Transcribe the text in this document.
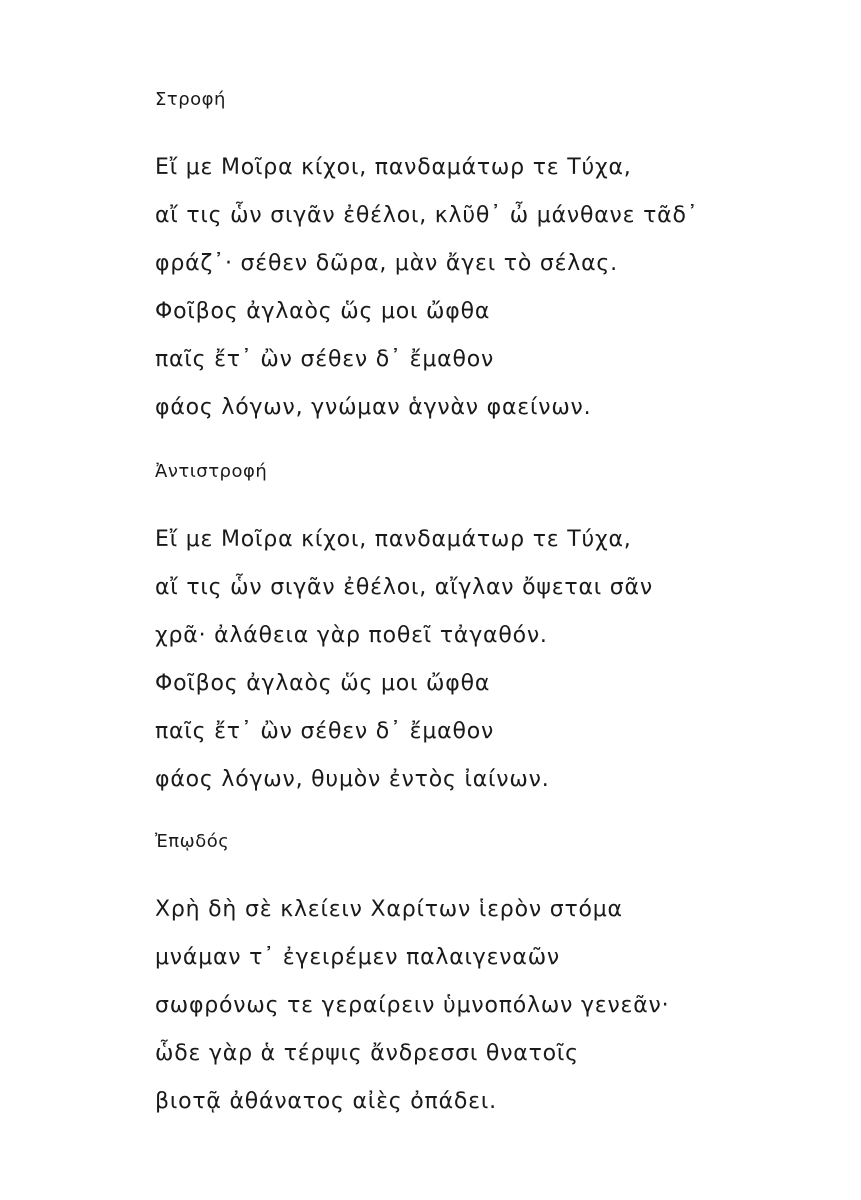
Στροφή
Εἴ με Μοῖρα κίχοι, πανδαμάτωρ τε Τύχα,
αἴ τις ὧν σιγᾶν ἐθέλοι, κλῦθ᾽ ὦ μάνθανε τᾶδ᾽
φράζ᾽· σέθεν δῶρα, μὰν ἄγει τὸ σέλας.
Φοῖβος ἀγλαὸς ὥς μοι ὤφθα
παῖς ἔτ᾽ ὢν σέθεν δ᾽ ἔμαθον
φάος λόγων, γνώμαν ἁγνὰν φαείνων.
Ἀντιστροφή
Εἴ με Μοῖρα κίχοι, πανδαμάτωρ τε Τύχα,
αἴ τις ὧν σιγᾶν ἐθέλοι, αἴγλαν ὄψεται σᾶν
χρᾶ· ἀλάθεια γὰρ ποθεῖ τἀγαθόν.
Φοῖβος ἀγλαὸς ὥς μοι ὤφθα
παῖς ἔτ᾽ ὢν σέθεν δ᾽ ἔμαθον
φάος λόγων, θυμὸν ἐντὸς ἰαίνων.
Ἐπῳδός
Χρὴ δὴ σὲ κλείειν Χαρίτων ἱερὸν στόμα
μνάμαν τ᾽ ἐγειρέμεν παλαιγεναῶν
σωφρόνως τε γεραίρειν ὑμνοπόλων γενεᾶν·
ὧδε γὰρ ἁ τέρψις ἄνδρεσσι θνατοῖς
βιοτᾷ ἀθάνατος αἰὲς ὀπάδει.
